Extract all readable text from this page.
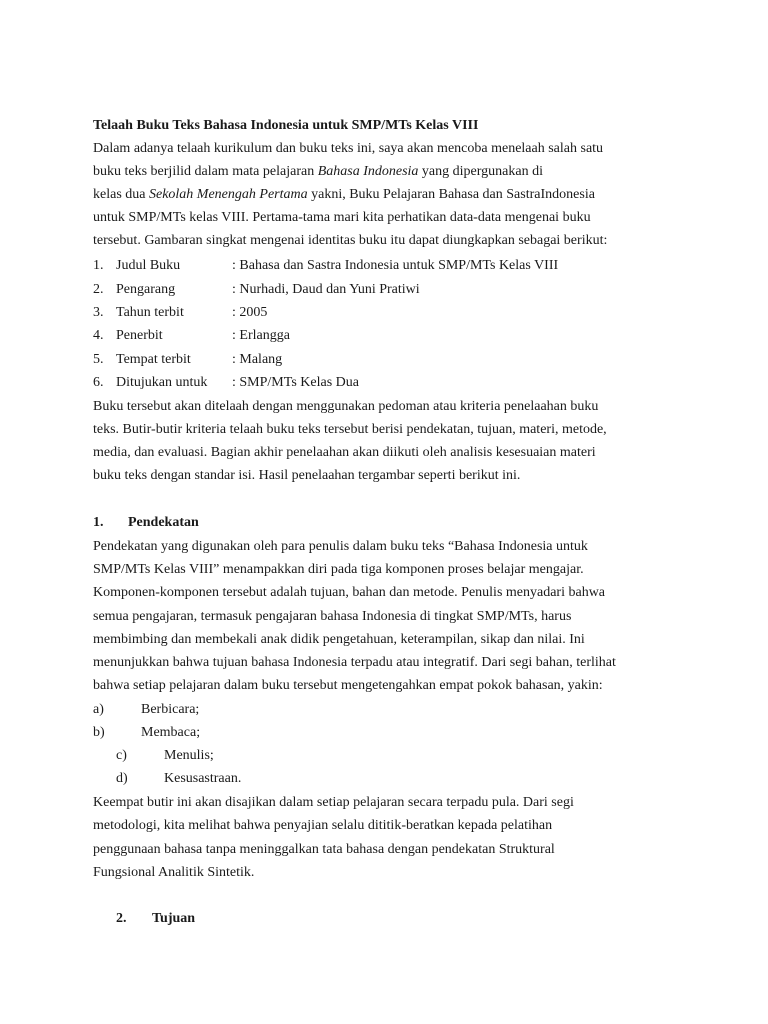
Telaah Buku Teks Bahasa Indonesia untuk SMP/MTs Kelas VIII
Dalam adanya telaah kurikulum dan buku teks ini, saya akan mencoba menelaah salah satu
buku teks berjilid dalam mata pelajaran Bahasa Indonesia yang dipergunakan di
kelas dua Sekolah Menengah Pertama yakni, Buku Pelajaran Bahasa dan SastraIndonesia
untuk SMP/MTs kelas VIII. Pertama-tama mari kita perhatikan data-data mengenai buku
tersebut. Gambaran singkat mengenai identitas buku itu dapat diungkapkan sebagai berikut:
1. Judul Buku	: Bahasa dan Sastra Indonesia untuk SMP/MTs Kelas VIII
2. Pengarang	: Nurhadi, Daud dan Yuni Pratiwi
3. Tahun terbit	: 2005
4. Penerbit	: Erlangga
5. Tempat terbit	: Malang
6. Ditujukan untuk : SMP/MTs Kelas Dua
Buku tersebut akan ditelaah dengan menggunakan pedoman atau kriteria penelaahan buku
teks. Butir-butir kriteria telaah buku teks tersebut berisi pendekatan, tujuan, materi, metode,
media, dan evaluasi. Bagian akhir penelaahan akan diikuti oleh analisis kesesuaian materi
buku teks dengan standar isi. Hasil penelaahan tergambar seperti berikut ini.
1. Pendekatan
Pendekatan yang digunakan oleh para penulis dalam buku teks “Bahasa Indonesia untuk
SMP/MTs Kelas VIII” menampakkan diri pada tiga komponen proses belajar mengajar.
Komponen-komponen tersebut adalah tujuan, bahan dan metode. Penulis menyadari bahwa
semua pengajaran, termasuk pengajaran bahasa Indonesia di tingkat SMP/MTs, harus
membimbing dan membekali anak didik pengetahuan, keterampilan, sikap dan nilai. Ini
menunjukkan bahwa tujuan bahasa Indonesia terpadu atau integratif. Dari segi bahan, terlihat
bahwa setiap pelajaran dalam buku tersebut mengetengahkan empat pokok bahasan, yakin:
a)	Berbicara;
b)	Membaca;
c)	Menulis;
d)	Kesusastraan.
Keempat butir ini akan disajikan dalam setiap pelajaran secara terpadu pula. Dari segi
metodologi, kita melihat bahwa penyajian selalu dititik-beratkan kepada pelatihan
penggunaan bahasa tanpa meninggalkan tata bahasa dengan pendekatan Struktural
Fungsional Analitik Sintetik.
2. Tujuan
